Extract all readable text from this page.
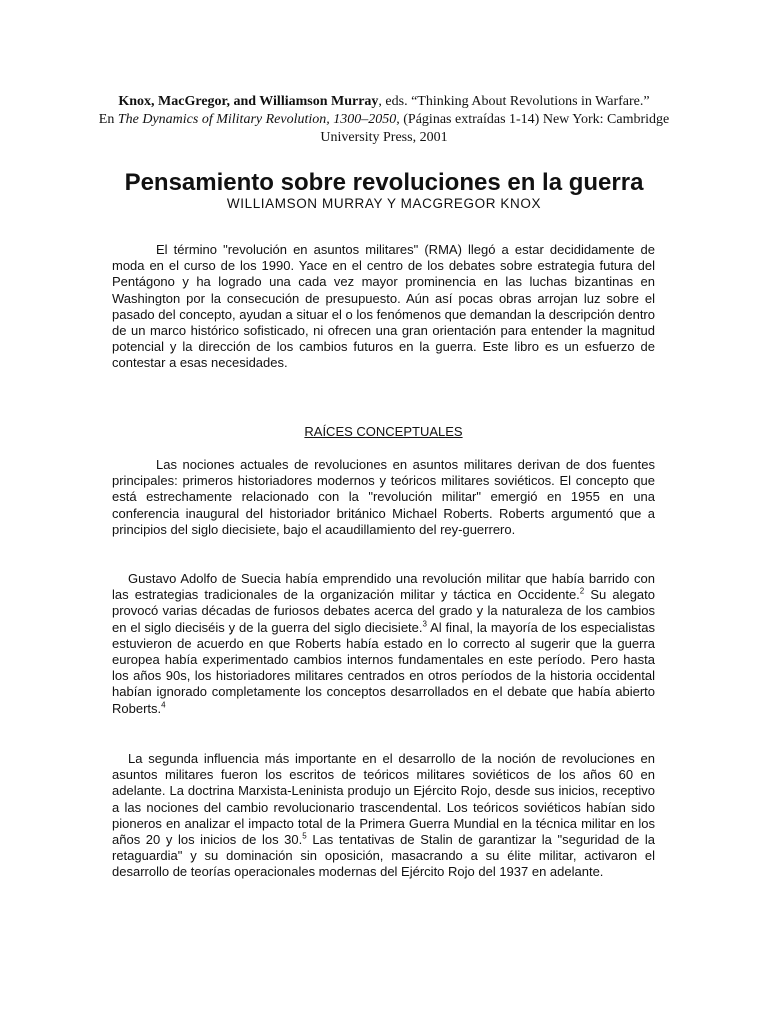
Knox, MacGregor, and Williamson Murray, eds. “Thinking About Revolutions in Warfare.”
En The Dynamics of Military Revolution, 1300–2050, (Páginas extraídas 1-14) New York: Cambridge University Press, 2001
Pensamiento sobre revoluciones en la guerra
WILLIAMSON MURRAY Y MACGREGOR KNOX

El término "revolución en asuntos militares" (RMA) llegó a estar decididamente de moda en el curso de los 1990. Yace en el centro de los debates sobre estrategia futura del Pentágono y ha logrado una cada vez mayor prominencia en las luchas bizantinas en Washington por la consecución de presupuesto. Aún así pocas obras arrojan luz sobre el pasado del concepto, ayudan a situar el o los fenómenos que demandan la descripción dentro de un marco histórico sofisticado, ni ofrecen una gran orientación para entender la magnitud potencial y la dirección de los cambios futuros en la guerra. Este libro es un esfuerzo de contestar a esas necesidades.

RAÍCES CONCEPTUALES

Las nociones actuales de revoluciones en asuntos militares derivan de dos fuentes principales: primeros historiadores modernos y teóricos militares soviéticos. El concepto que está estrechamente relacionado con la "revolución militar" emergió en 1955 en una conferencia inaugural del historiador británico Michael Roberts. Roberts argumentó que a principios del siglo diecisiete, bajo el acaudillamiento del rey-guerrero.

Gustavo Adolfo de Suecia había emprendido una revolución militar que había barrido con las estrategias tradicionales de la organización militar y táctica en Occidente.$^2$ Su alegato provocó varias décadas de furiosos debates acerca del grado y la naturaleza de los cambios en el siglo dieciséis y de la guerra del siglo diecisiete.$^3$ Al final, la mayoría de los especialistas estuvieron de acuerdo en que Roberts había estado en lo correcto al sugerir que la guerra europea había experimentado cambios internos fundamentales en este período. Pero hasta los años 90s, los historiadores militares centrados en otros períodos de la historia occidental habían ignorado completamente los conceptos desarrollados en el debate que había abierto Roberts.$^4$

La segunda influencia más importante en el desarrollo de la noción de revoluciones en asuntos militares fueron los escritos de teóricos militares soviéticos de los años 60 en adelante. La doctrina Marxista-Leninista produjo un Ejército Rojo, desde sus inicios, receptivo a las nociones del cambio revolucionario trascendental. Los teóricos soviéticos habían sido pioneros en analizar el impacto total de la Primera Guerra Mundial en la técnica militar en los años 20 y los inicios de los 30.$^5$ Las tentativas de Stalin de garantizar la "seguridad de la retaguardia" y su dominación sin oposición, masacrando a su élite militar, activaron el desarrollo de teorías operacionales modernas del Ejército Rojo del 1937 en adelante.
